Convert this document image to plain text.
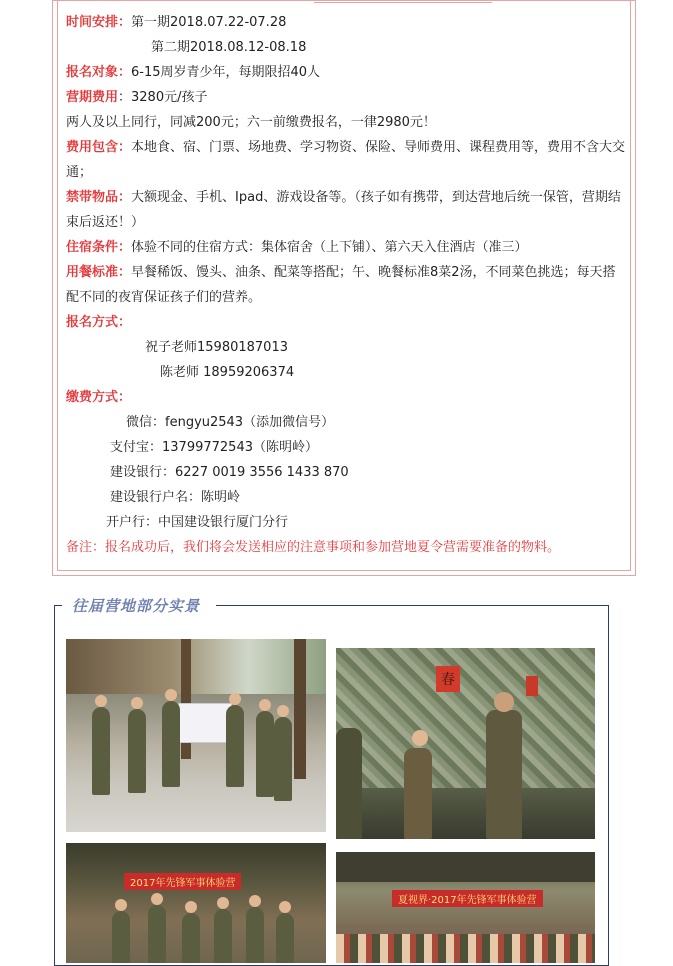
时间安排：第一期2018.07.22-07.28
第二期2018.08.12-08.18
报名对象：6-15周岁青少年，每期限招40人
营期费用：3280元/孩子
两人及以上同行，同减200元；六一前缴费报名，一律2980元！
费用包含：本地食、宿、门票、场地费、学习物资、保险、导师费用、课程费用等，费用不含大交通；
禁带物品：大额现金、手机、Ipad、游戏设备等。（孩子如有携带，到达营地后统一保管，营期结束后返还！）
住宿条件：体验不同的住宿方式：集体宿舍（上下铺）、第六天入住酒店（准三）
用餐标准：早餐稀饭、馒头、油条、配菜等搭配；午、晚餐标准8菜2汤，不同菜色挑选；每天搭配不同的夜宵保证孩子们的营养。
报名方式：
祝子老师15980187013
陈老师 18959206374
缴费方式：
微信：fengyu2543（添加微信号）
支付宝：13799772543（陈明岭）
建设银行：6227 0019 3556 1433 870
建设银行户名：陈明岭
开户行：中国建设银行厦门分行
备注：报名成功后，我们将会发送相应的注意事项和参加营地夏令营需要准备的物料。
往届营地部分实景
春
2017年先锋军事体验营
夏视界·2017年先锋军事体验营
